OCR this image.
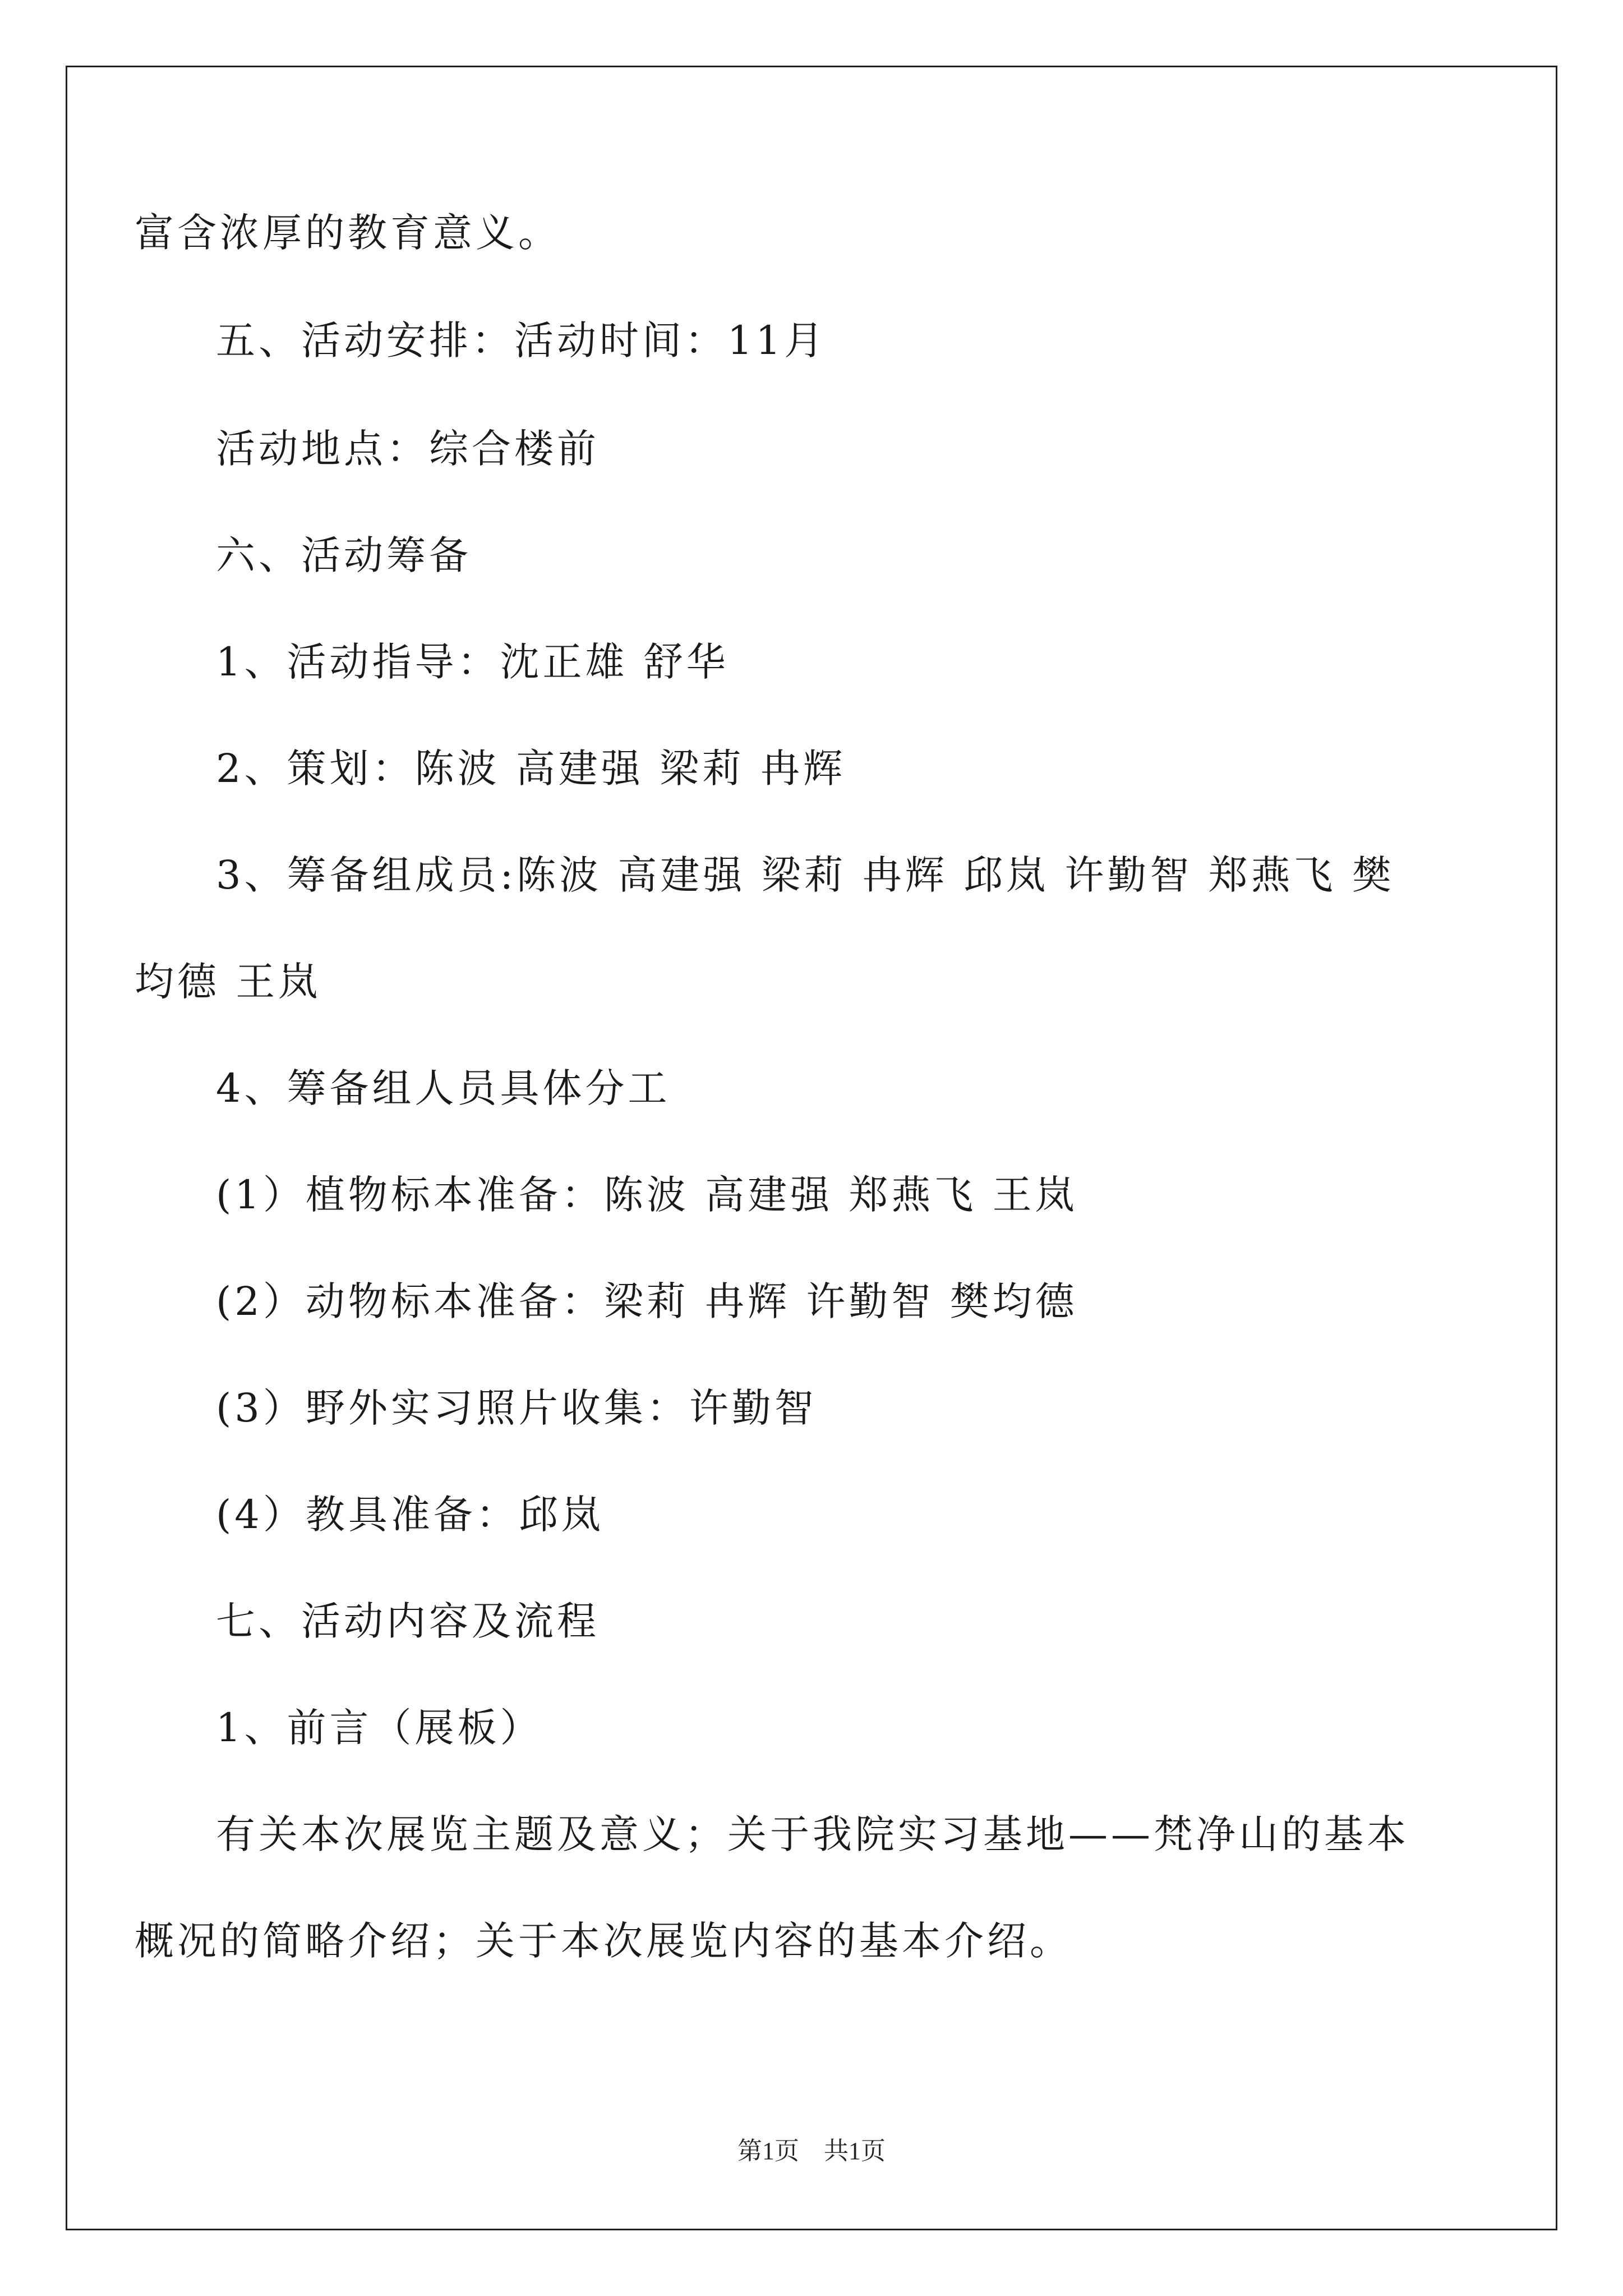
富含浓厚的教育意义。
五、活动安排：活动时间：11月
活动地点：综合楼前
六、活动筹备
1、活动指导：沈正雄 舒华
2、策划：陈波 高建强 梁莉 冉辉
3、筹备组成员:陈波 高建强 梁莉 冉辉 邱岚 许勤智 郑燕飞 樊
均德 王岚
4、筹备组人员具体分工
(1）植物标本准备：陈波 高建强 郑燕飞 王岚
(2）动物标本准备：梁莉 冉辉 许勤智 樊均德
(3）野外实习照片收集：许勤智
(4）教具准备：邱岚
七、活动内容及流程
1、前言（展板）
有关本次展览主题及意义；关于我院实习基地——梵净山的基本
概况的简略介绍；关于本次展览内容的基本介绍。
第1页　共1页
